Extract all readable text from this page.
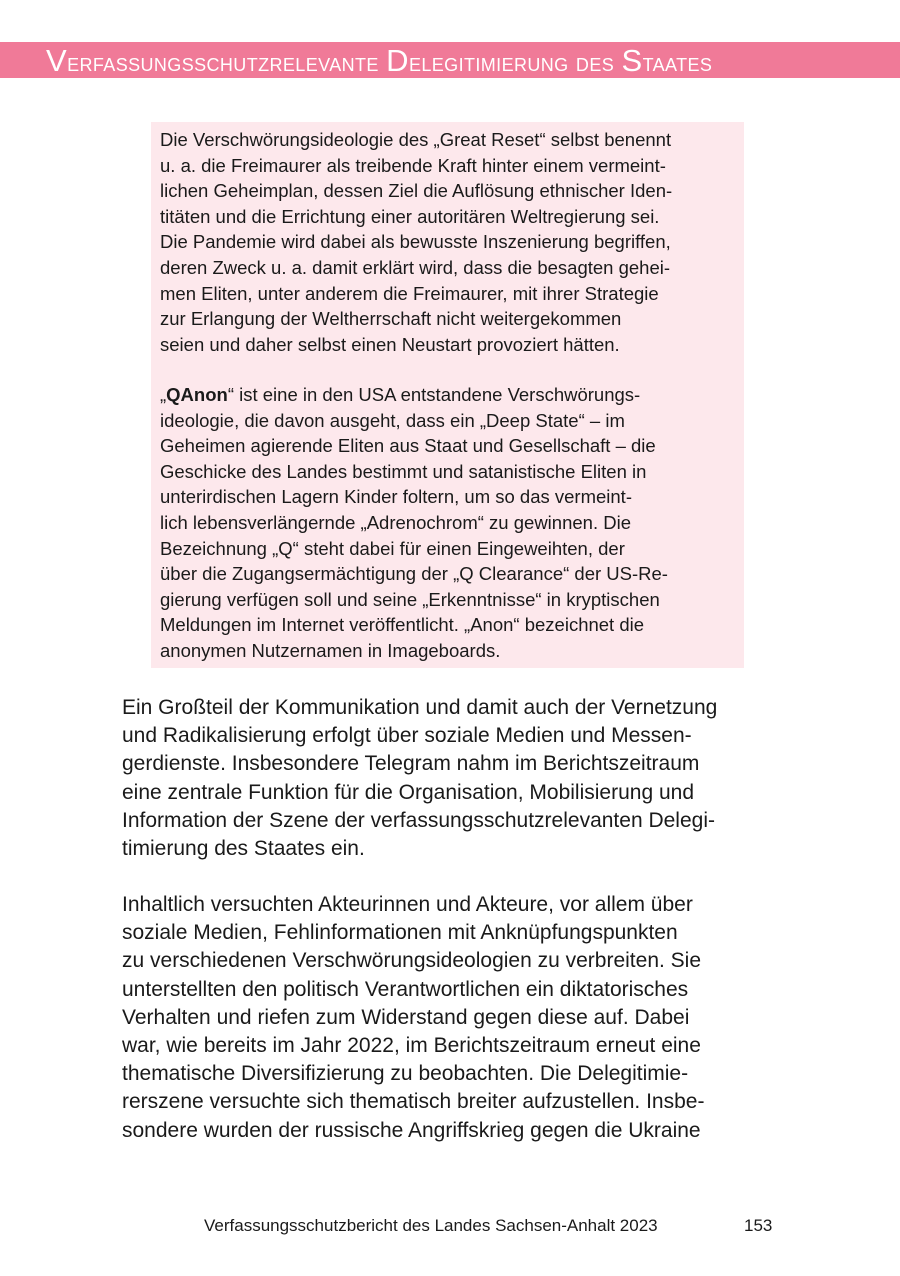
Verfassungsschutzrelevante Delegitimierung des Staates
Die Verschwörungsideologie des „Great Reset“ selbst benennt
u. a. die Freimaurer als treibende Kraft hinter einem vermeint-
lichen Geheimplan, dessen Ziel die Auflösung ethnischer Iden-
titäten und die Errichtung einer autoritären Weltregierung sei.
Die Pandemie wird dabei als bewusste Inszenierung begriffen,
deren Zweck u. a. damit erklärt wird, dass die besagten gehei-
men Eliten, unter anderem die Freimaurer, mit ihrer Strategie
zur Erlangung der Weltherrschaft nicht weitergekommen
seien und daher selbst einen Neustart provoziert hätten.
„QAnon“ ist eine in den USA entstandene Verschwörungs-
ideologie, die davon ausgeht, dass ein „Deep State“ – im
Geheimen agierende Eliten aus Staat und Gesellschaft – die
Geschicke des Landes bestimmt und satanistische Eliten in
unterirdischen Lagern Kinder foltern, um so das vermeint-
lich lebensverlängernde „Adrenochrom“ zu gewinnen. Die
Bezeichnung „Q“ steht dabei für einen Eingeweihten, der
über die Zugangsermächtigung der „Q Clearance“ der US-Re-
gierung verfügen soll und seine „Erkenntnisse“ in kryptischen
Meldungen im Internet veröffentlicht. „Anon“ bezeichnet die
anonymen Nutzernamen in Imageboards.
Ein Großteil der Kommunikation und damit auch der Vernetzung
und Radikalisierung erfolgt über soziale Medien und Messen-
gerdienste. Insbesondere Telegram nahm im Berichtszeitraum
eine zentrale Funktion für die Organisation, Mobilisierung und
Information der Szene der verfassungsschutzrelevanten Delegi-
timierung des Staates ein.
Inhaltlich versuchten Akteurinnen und Akteure, vor allem über
soziale Medien, Fehlinformationen mit Anknüpfungspunkten
zu verschiedenen Verschwörungsideologien zu verbreiten. Sie
unterstellten den politisch Verantwortlichen ein diktatorisches
Verhalten und riefen zum Widerstand gegen diese auf. Dabei
war, wie bereits im Jahr 2022, im Berichtszeitraum erneut eine
thematische Diversifizierung zu beobachten. Die Delegitimie-
rerszene versuchte sich thematisch breiter aufzustellen. Insbe-
sondere wurden der russische Angriffskrieg gegen die Ukraine
Verfassungsschutzbericht des Landes Sachsen-Anhalt 2023	153
